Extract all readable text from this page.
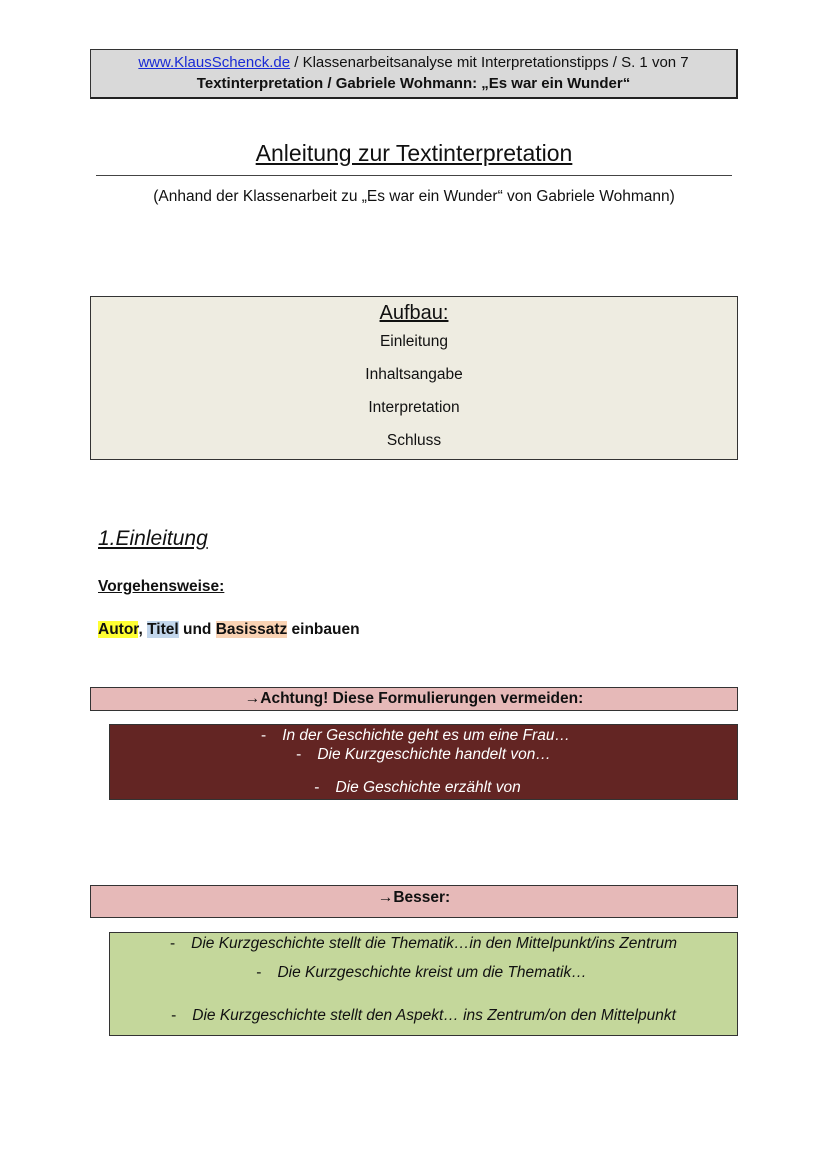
www.KlausSchenck.de / Klassenarbeitsanalyse mit Interpretationstipps / S. 1 von 7
Textinterpretation / Gabriele Wohmann: „Es war ein Wunder“
Anleitung zur Textinterpretation
(Anhand der Klassenarbeit zu „Es war ein Wunder“ von Gabriele Wohmann)
Aufbau:
Einleitung
Inhaltsangabe
Interpretation
Schluss
1.Einleitung
Vorgehensweise:
Autor, Titel und Basissatz einbauen
→Achtung! Diese Formulierungen vermeiden:
- In der Geschichte geht es um eine Frau…
- Die Kurzgeschichte handelt von…
- Die Geschichte erzählt von
→Besser:
- Die Kurzgeschichte stellt die Thematik…in den Mittelpunkt/ins Zentrum
- Die Kurzgeschichte kreist um die Thematik…
- Die Kurzgeschichte stellt den Aspekt… ins Zentrum/on den Mittelpunkt
